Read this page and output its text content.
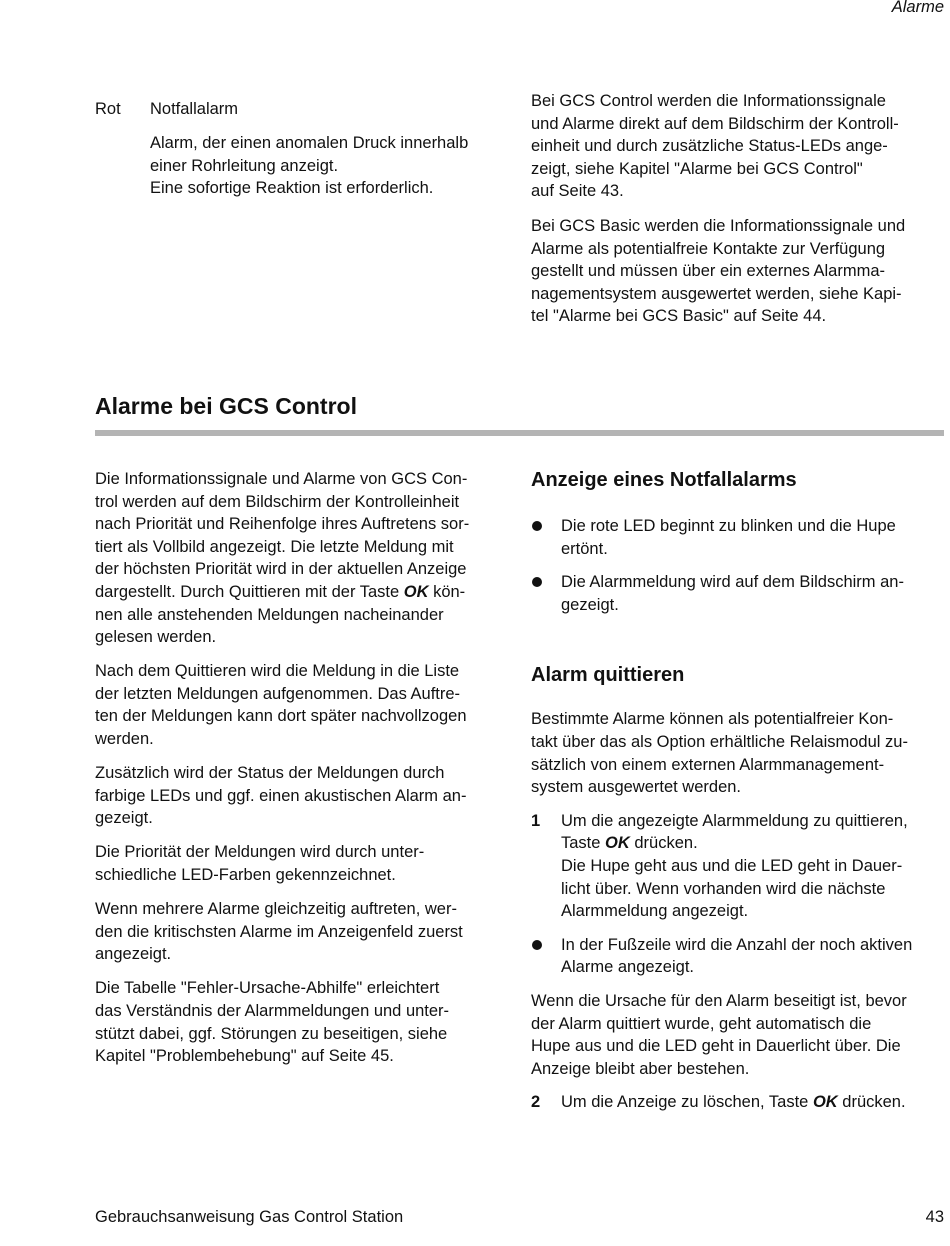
Alarme
Rot Notfallalarm

Alarm, der einen anomalen Druck innerhalb
einer Rohrleitung anzeigt.
Eine sofortige Reaktion ist erforderlich.

Bei GCS Control werden die Informationssignale
und Alarme direkt auf dem Bildschirm der Kontroll-
einheit und durch zusätzliche Status-LEDs ange-
zeigt, siehe Kapitel "Alarme bei GCS Control"
auf Seite 43.

Bei GCS Basic werden die Informationssignale und
Alarme als potentialfreie Kontakte zur Verfügung
gestellt und müssen über ein externes Alarmma-
nagementsystem ausgewertet werden, siehe Kapi-
tel "Alarme bei GCS Basic" auf Seite 44.

Alarme bei GCS Control

Die Informationssignale und Alarme von GCS Con-
trol werden auf dem Bildschirm der Kontrolleinheit
nach Priorität und Reihenfolge ihres Auftretens sor-
tiert als Vollbild angezeigt. Die letzte Meldung mit
der höchsten Priorität wird in der aktuellen Anzeige
dargestellt. Durch Quittieren mit der Taste OK kön-
nen alle anstehenden Meldungen nacheinander
gelesen werden.

Nach dem Quittieren wird die Meldung in die Liste
der letzten Meldungen aufgenommen. Das Auftre-
ten der Meldungen kann dort später nachvollzogen
werden.

Zusätzlich wird der Status der Meldungen durch
farbige LEDs und ggf. einen akustischen Alarm an-
gezeigt.

Die Priorität der Meldungen wird durch unter-
schiedliche LED-Farben gekennzeichnet.

Wenn mehrere Alarme gleichzeitig auftreten, wer-
den die kritischsten Alarme im Anzeigenfeld zuerst
angezeigt.

Die Tabelle "Fehler-Ursache-Abhilfe" erleichtert
das Verständnis der Alarmmeldungen und unter-
stützt dabei, ggf. Störungen zu beseitigen, siehe
Kapitel "Problembehebung" auf Seite 45.

Anzeige eines Notfallalarms

Die rote LED beginnt zu blinken und die Hupe
ertönt.

Die Alarmmeldung wird auf dem Bildschirm an-
gezeigt.

Alarm quittieren

Bestimmte Alarme können als potentialfreier Kon-
takt über das als Option erhältliche Relaismodul zu-
sätzlich von einem externen Alarmmanagement-
system ausgewertet werden.

1	Um die angezeigte Alarmmeldung zu quittieren,
Taste OK drücken.
Die Hupe geht aus und die LED geht in Dauer-
licht über. Wenn vorhanden wird die nächste
Alarmmeldung angezeigt.

In der Fußzeile wird die Anzahl der noch aktiven
Alarme angezeigt.

Wenn die Ursache für den Alarm beseitigt ist, bevor
der Alarm quittiert wurde, geht automatisch die
Hupe aus und die LED geht in Dauerlicht über. Die
Anzeige bleibt aber bestehen.

2	Um die Anzeige zu löschen, Taste OK drücken.

Gebrauchsanweisung Gas Control Station	43
